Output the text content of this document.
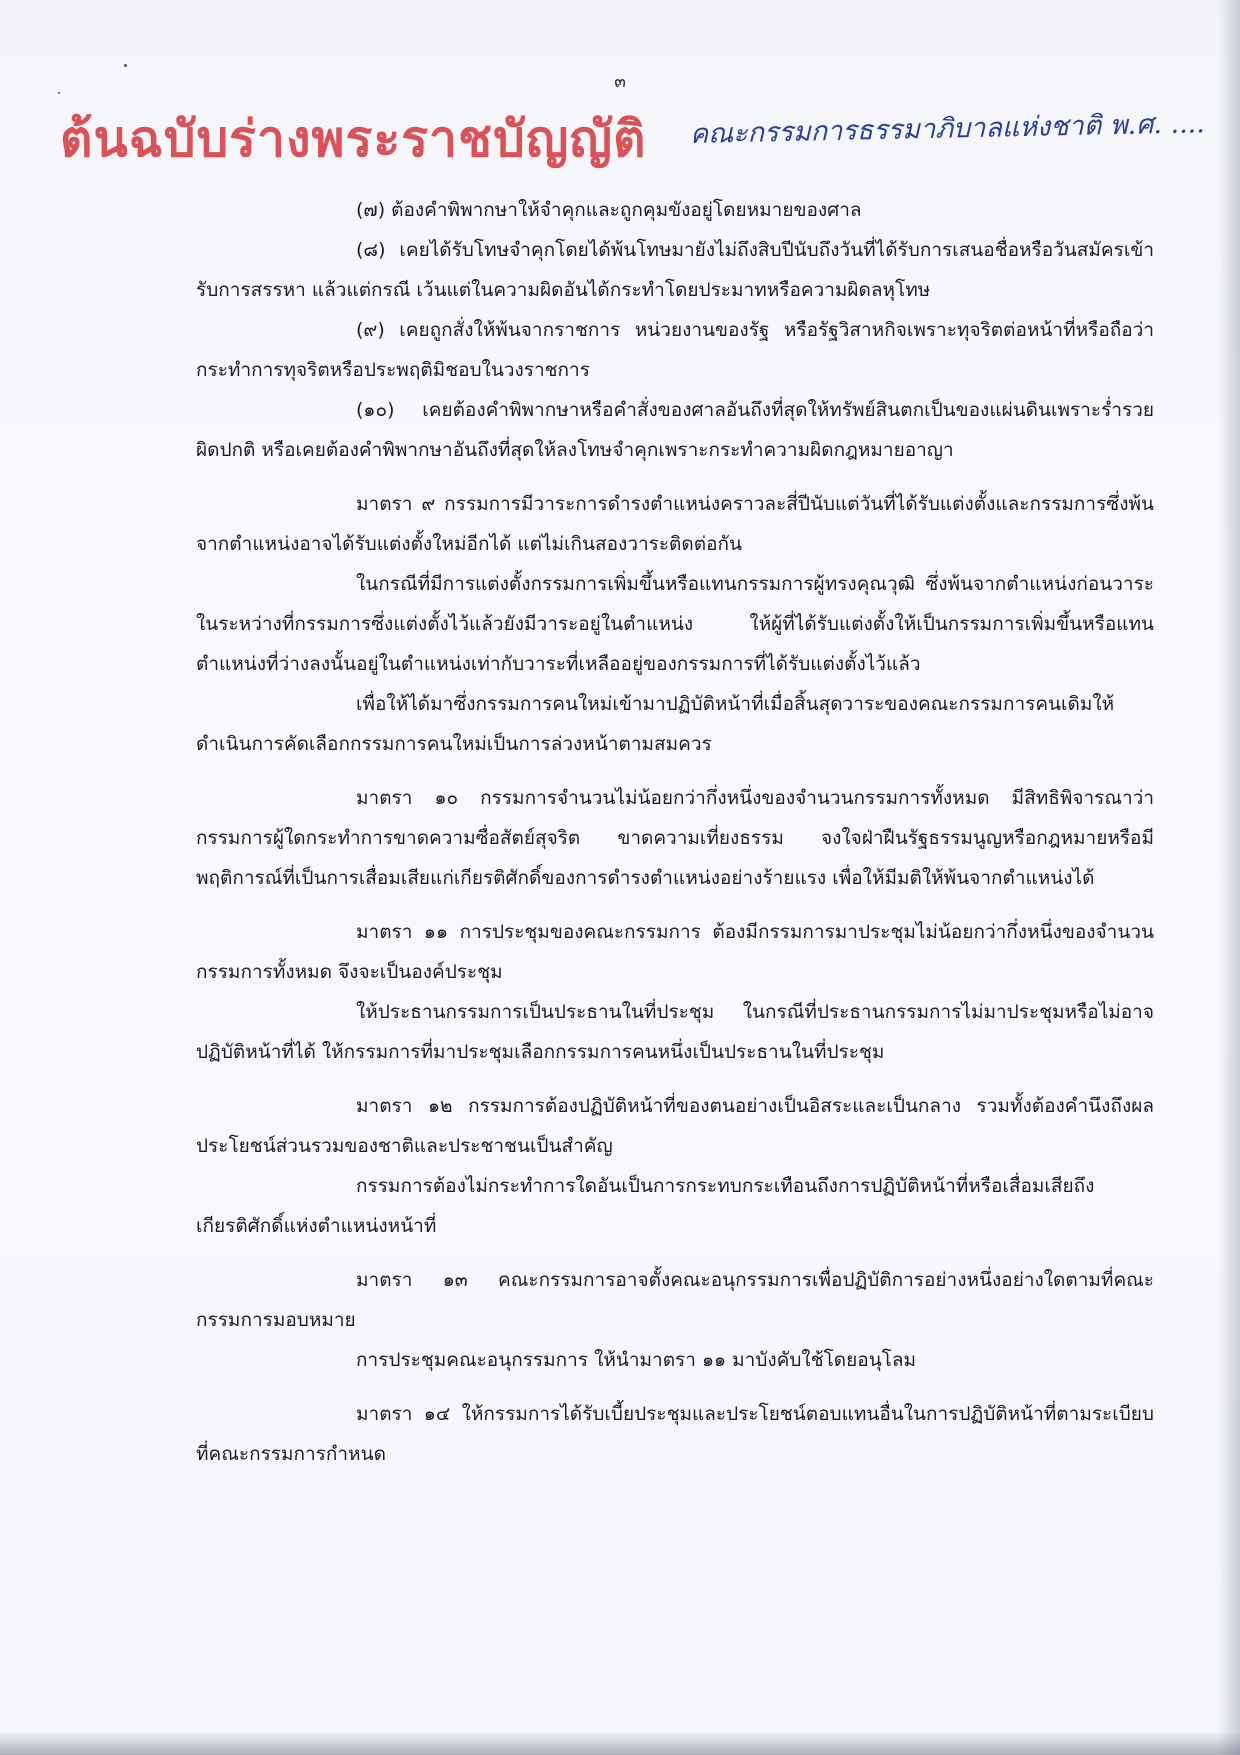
๓
ต้นฉบับร่างพระราชบัญญัติ คณะกรรมการธรรมาภิบาลแห่งชาติ พ.ศ. ....

(๗) ต้องคำพิพากษาให้จำคุกและถูกคุมขังอยู่โดยหมายของศาล

(๘) เคยได้รับโทษจำคุกโดยได้พ้นโทษมายังไม่ถึงสิบปีนับถึงวันที่ได้รับการเสนอชื่อหรือวันสมัครเข้ารับการสรรหา แล้วแต่กรณี เว้นแต่ในความผิดอันได้กระทำโดยประมาทหรือความผิดลหุโทษ

(๙) เคยถูกสั่งให้พ้นจากราชการ หน่วยงานของรัฐ หรือรัฐวิสาหกิจเพราะทุจริตต่อหน้าที่หรือถือว่ากระทำการทุจริตหรือประพฤติมิชอบในวงราชการ

(๑๐) เคยต้องคำพิพากษาหรือคำสั่งของศาลอันถึงที่สุดให้ทรัพย์สินตกเป็นของแผ่นดินเพราะร่ำรวยผิดปกติ หรือเคยต้องคำพิพากษาอันถึงที่สุดให้ลงโทษจำคุกเพราะกระทำความผิดกฎหมายอาญา

มาตรา ๙ กรรมการมีวาระการดำรงตำแหน่งคราวละสี่ปีนับแต่วันที่ได้รับแต่งตั้งและกรรมการซึ่งพ้นจากตำแหน่งอาจได้รับแต่งตั้งใหม่อีกได้ แต่ไม่เกินสองวาระติดต่อกัน

ในกรณีที่มีการแต่งตั้งกรรมการเพิ่มขึ้นหรือแทนกรรมการผู้ทรงคุณวุฒิ ซึ่งพ้นจากตำแหน่งก่อนวาระในระหว่างที่กรรมการซึ่งแต่งตั้งไว้แล้วยังมีวาระอยู่ในตำแหน่ง ให้ผู้ที่ได้รับแต่งตั้งให้เป็นกรรมการเพิ่มขึ้นหรือแทนตำแหน่งที่ว่างลงนั้นอยู่ในตำแหน่งเท่ากับวาระที่เหลืออยู่ของกรรมการที่ได้รับแต่งตั้งไว้แล้ว

เพื่อให้ได้มาซึ่งกรรมการคนใหม่เข้ามาปฏิบัติหน้าที่เมื่อสิ้นสุดวาระของคณะกรรมการคนเดิมให้ดำเนินการคัดเลือกกรรมการคนใหม่เป็นการล่วงหน้าตามสมควร

มาตรา ๑๐ กรรมการจำนวนไม่น้อยกว่ากึ่งหนึ่งของจำนวนกรรมการทั้งหมด มีสิทธิพิจารณาว่ากรรมการผู้ใดกระทำการขาดความซื่อสัตย์สุจริต ขาดความเที่ยงธรรม จงใจฝ่าฝืนรัฐธรรมนูญหรือกฎหมายหรือมีพฤติการณ์ที่เป็นการเสื่อมเสียแก่เกียรติศักดิ์ของการดำรงตำแหน่งอย่างร้ายแรง เพื่อให้มีมติให้พ้นจากตำแหน่งได้

มาตรา ๑๑ การประชุมของคณะกรรมการ ต้องมีกรรมการมาประชุมไม่น้อยกว่ากึ่งหนึ่งของจำนวนกรรมการทั้งหมด จึงจะเป็นองค์ประชุม

ให้ประธานกรรมการเป็นประธานในที่ประชุม ในกรณีที่ประธานกรรมการไม่มาประชุมหรือไม่อาจปฏิบัติหน้าที่ได้ ให้กรรมการที่มาประชุมเลือกกรรมการคนหนึ่งเป็นประธานในที่ประชุม

มาตรา ๑๒ กรรมการต้องปฏิบัติหน้าที่ของตนอย่างเป็นอิสระและเป็นกลาง รวมทั้งต้องคำนึงถึงผลประโยชน์ส่วนรวมของชาติและประชาชนเป็นสำคัญ

กรรมการต้องไม่กระทำการใดอันเป็นการกระทบกระเทือนถึงการปฏิบัติหน้าที่หรือเสื่อมเสียถึงเกียรติศักดิ์แห่งตำแหน่งหน้าที่

มาตรา ๑๓ คณะกรรมการอาจตั้งคณะอนุกรรมการเพื่อปฏิบัติการอย่างหนึ่งอย่างใดตามที่คณะกรรมการมอบหมาย

การประชุมคณะอนุกรรมการ ให้นำมาตรา ๑๑ มาบังคับใช้โดยอนุโลม

มาตรา ๑๔ ให้กรรมการได้รับเบี้ยประชุมและประโยชน์ตอบแทนอื่นในการปฏิบัติหน้าที่ตามระเบียบที่คณะกรรมการกำหนด
